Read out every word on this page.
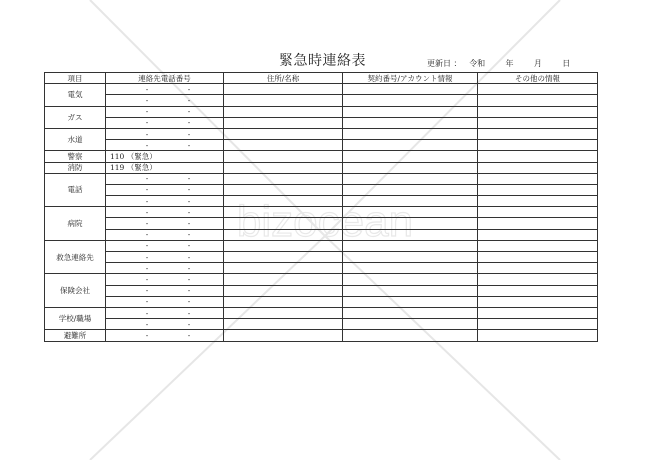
bizocean
緊急時連絡表	更新日 ： 令和	年	月	日
項目	連絡先電話番号	住所/名称	契約番号/アカウント情報	その他の情報
電気	- -			
	- -			
ガス	- -			
	- -			
水道	- -			
	- -			
警察	110 （緊急）			
消防	119 （緊急）			
電話	- -			
	- -			
	- -			
病院	- -			
	- -			
	- -			
救急連絡先	- -			
	- -			
	- -			
保険会社	- -			
	- -			
	- -			
学校/職場	- -			
	- -			
避難所	- -			
